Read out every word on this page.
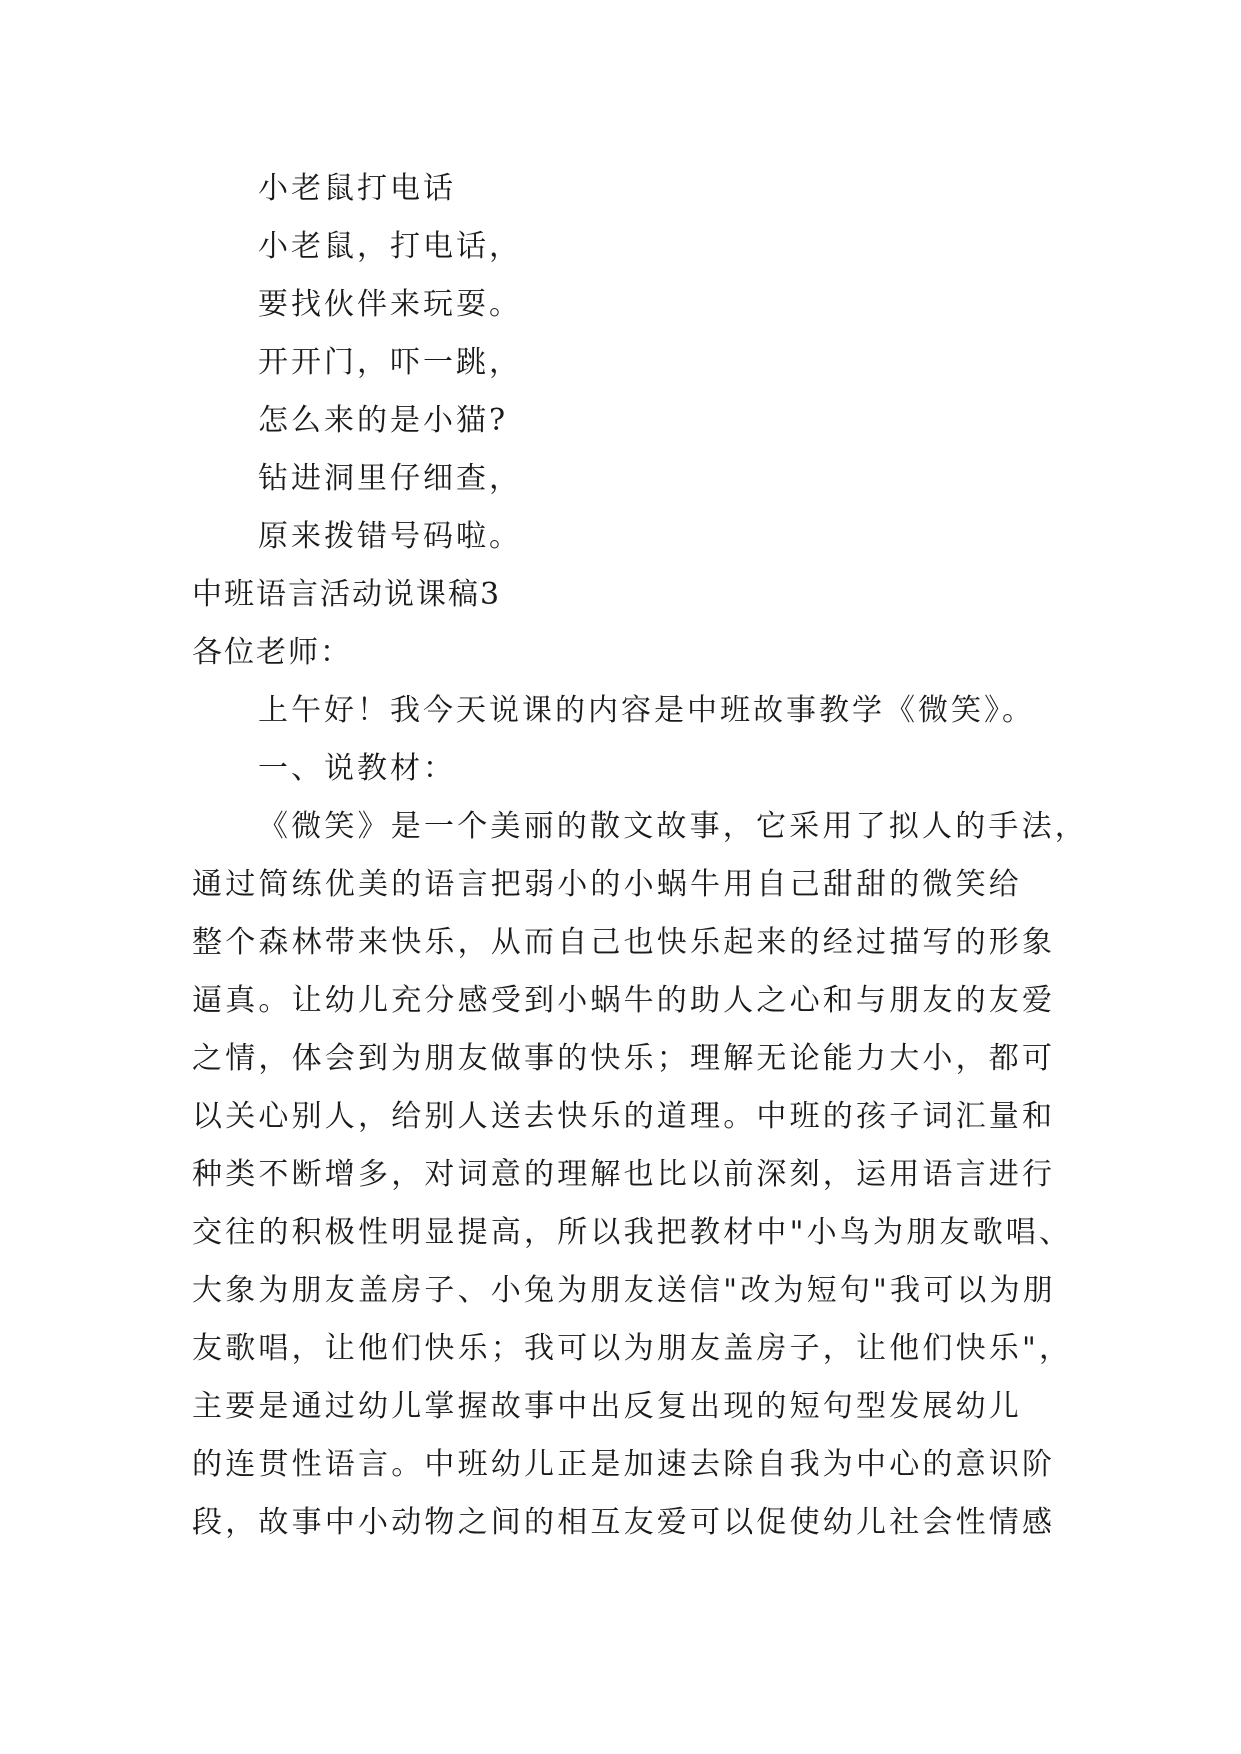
小老鼠打电话
小老鼠，打电话，
要找伙伴来玩耍。
开开门，吓一跳，
怎么来的是小猫?
钻进洞里仔细查，
原来拨错号码啦。
中班语言活动说课稿3
各位老师：
上午好！我今天说课的内容是中班故事教学《微笑》。
一、说教材：
《微笑》是一个美丽的散文故事，它采用了拟人的手法，
通过简练优美的语言把弱小的小蜗牛用自己甜甜的微笑给
整个森林带来快乐，从而自己也快乐起来的经过描写的形象
逼真。让幼儿充分感受到小蜗牛的助人之心和与朋友的友爱
之情，体会到为朋友做事的快乐；理解无论能力大小，都可
以关心别人，给别人送去快乐的道理。中班的孩子词汇量和
种类不断增多，对词意的理解也比以前深刻，运用语言进行
交往的积极性明显提高，所以我把教材中"小鸟为朋友歌唱、
大象为朋友盖房子、小兔为朋友送信"改为短句"我可以为朋
友歌唱，让他们快乐；我可以为朋友盖房子，让他们快乐"，
主要是通过幼儿掌握故事中出反复出现的短句型发展幼儿
的连贯性语言。中班幼儿正是加速去除自我为中心的意识阶
段，故事中小动物之间的相互友爱可以促使幼儿社会性情感
